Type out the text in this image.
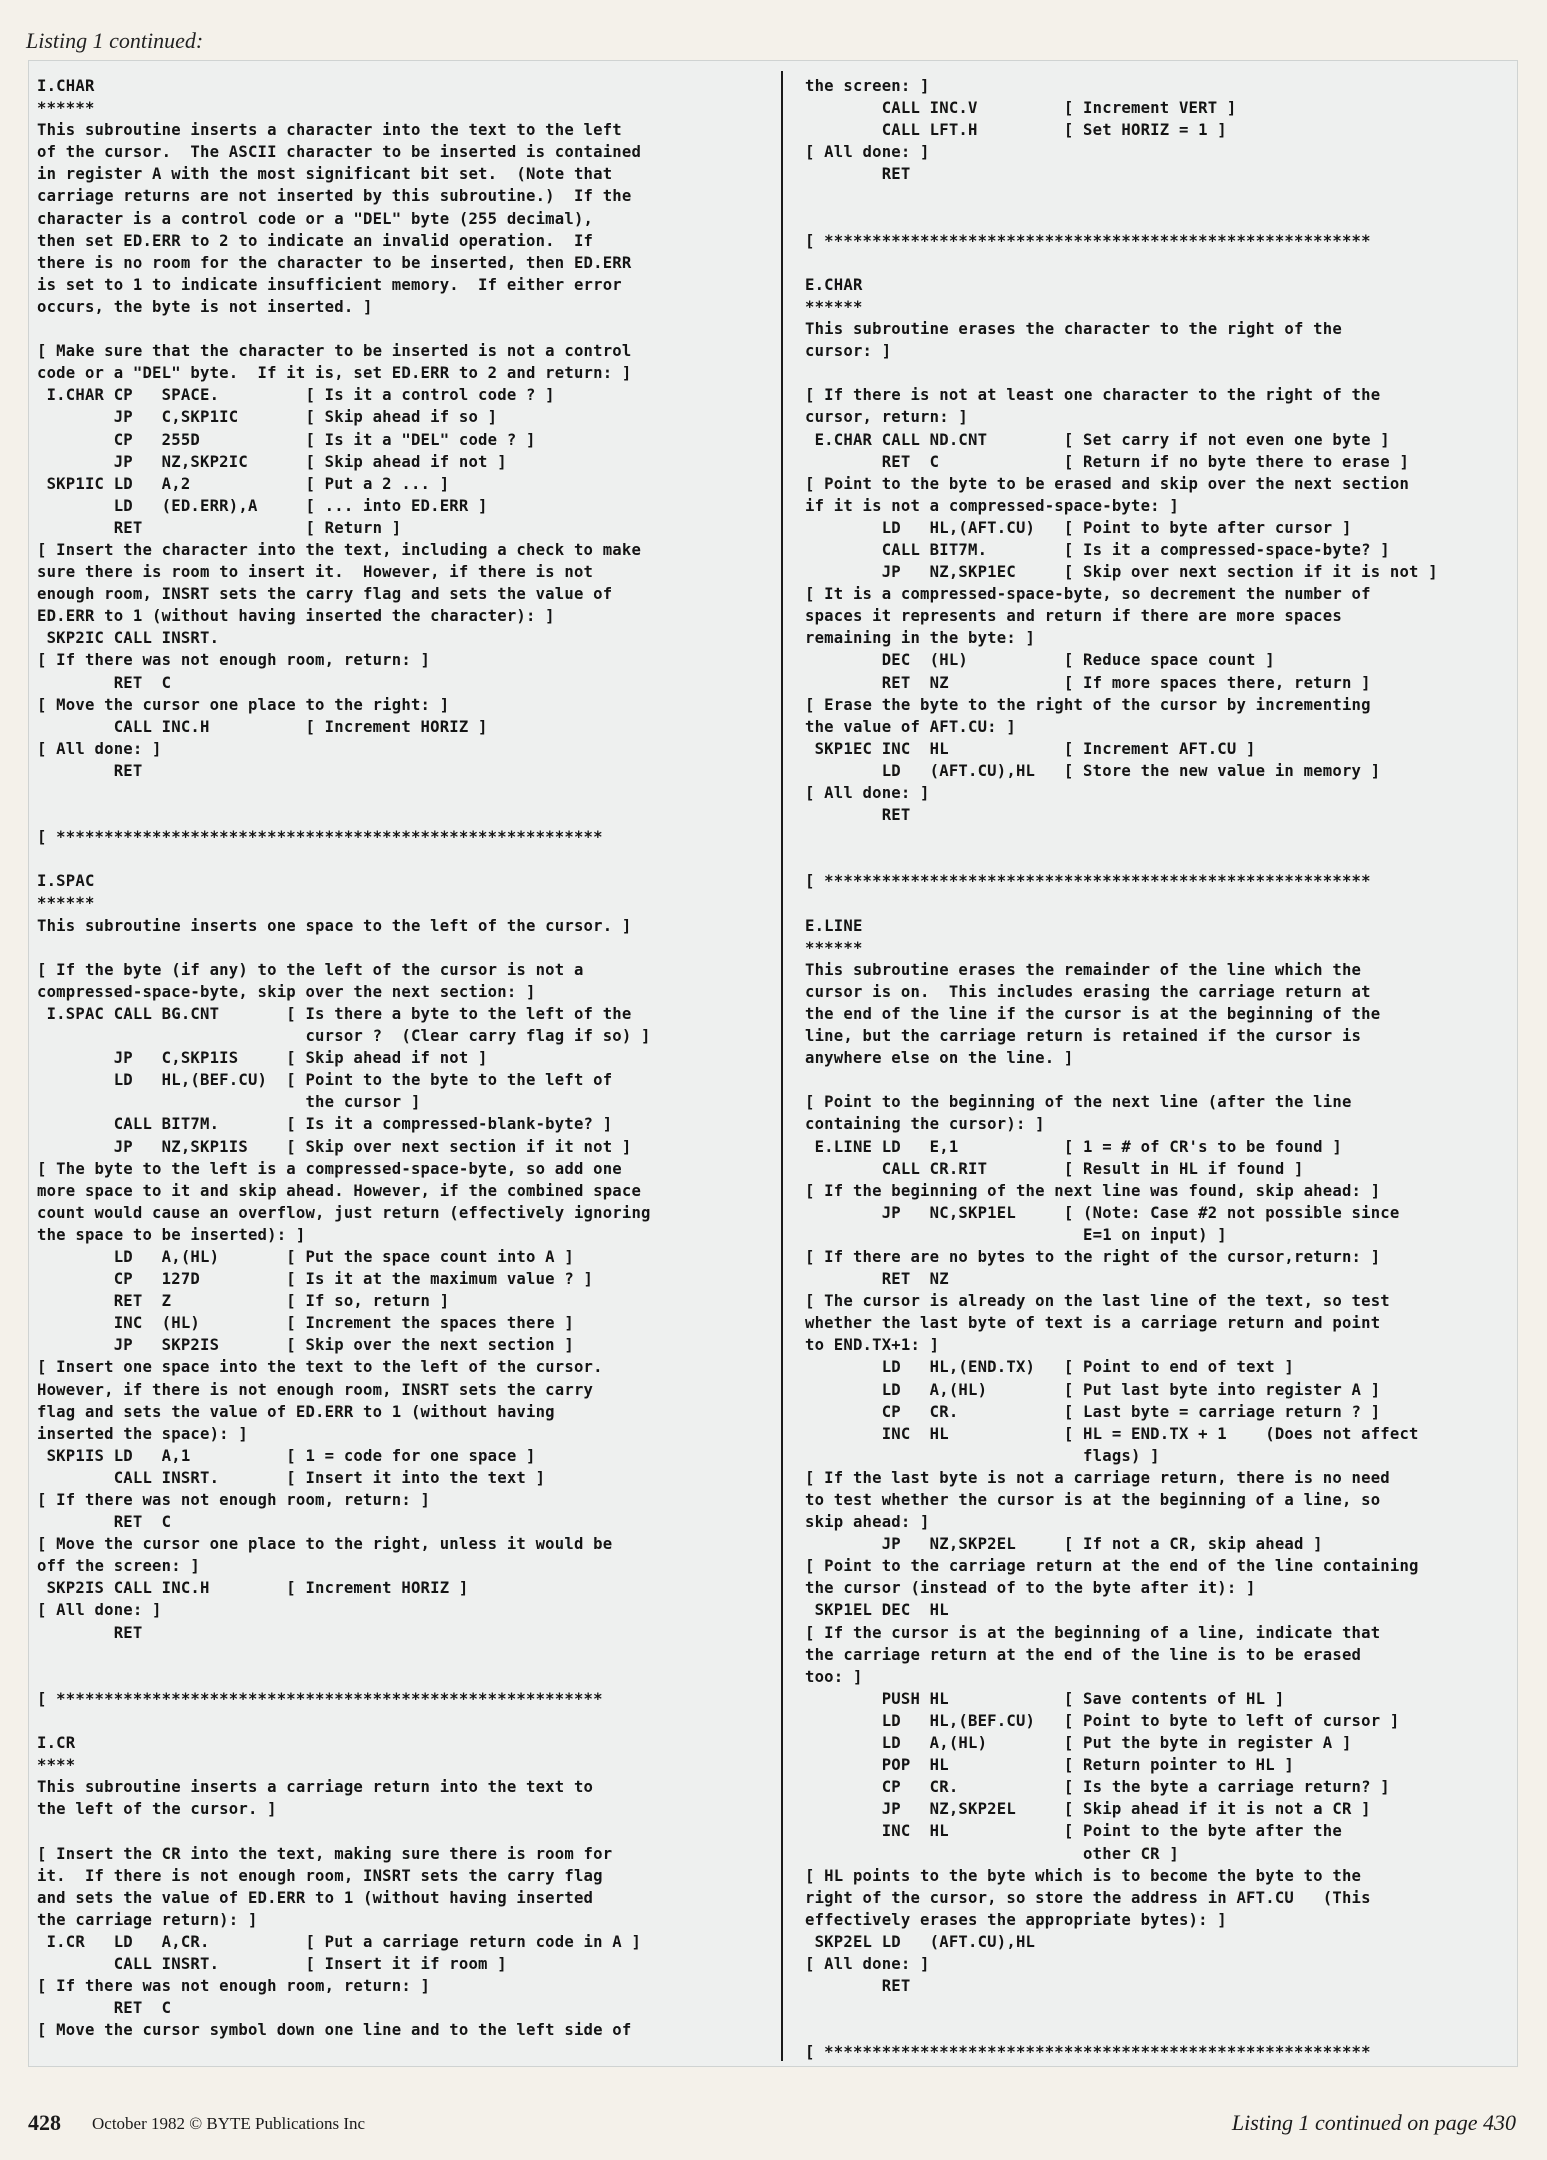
Listing 1 continued:
I.CHAR
******
This subroutine inserts a character into the text to the left
of the cursor.  The ASCII character to be inserted is contained
in register A with the most significant bit set.  (Note that
carriage returns are not inserted by this subroutine.)  If the
character is a control code or a "DEL" byte (255 decimal),
then set ED.ERR to 2 to indicate an invalid operation.  If
there is no room for the character to be inserted, then ED.ERR
is set to 1 to indicate insufficient memory.  If either error
occurs, the byte is not inserted. ]
[ Make sure that the character to be inserted is not a control
code or a "DEL" byte.  If it is, set ED.ERR to 2 and return: ]
I.CHAR CP   SPACE.         [ Is it a control code ? ]
JP   C,SKP1IC       [ Skip ahead if so ]
CP   255D           [ Is it a "DEL" code ? ]
JP   NZ,SKP2IC      [ Skip ahead if not ]
SKP1IC LD   A,2            [ Put a 2 ... ]
LD   (ED.ERR),A     [ ... into ED.ERR ]
RET                 [ Return ]
[ Insert the character into the text, including a check to make
sure there is room to insert it.  However, if there is not
enough room, INSRT sets the carry flag and sets the value of
ED.ERR to 1 (without having inserted the character): ]
SKP2IC CALL INSRT.
[ If there was not enough room, return: ]
RET  C
[ Move the cursor one place to the right: ]
CALL INC.H          [ Increment HORIZ ]
[ All done: ]
RET
[ *********************************************************
I.SPAC
******
This subroutine inserts one space to the left of the cursor. ]
[ If the byte (if any) to the left of the cursor is not a
compressed-space-byte, skip over the next section: ]
I.SPAC CALL BG.CNT       [ Is there a byte to the left of the
cursor ?  (Clear carry flag if so) ]
JP   C,SKP1IS     [ Skip ahead if not ]
LD   HL,(BEF.CU)  [ Point to the byte to the left of
the cursor ]
CALL BIT7M.       [ Is it a compressed-blank-byte? ]
JP   NZ,SKP1IS    [ Skip over next section if it not ]
[ The byte to the left is a compressed-space-byte, so add one
more space to it and skip ahead. However, if the combined space
count would cause an overflow, just return (effectively ignoring
the space to be inserted): ]
LD   A,(HL)       [ Put the space count into A ]
CP   127D         [ Is it at the maximum value ? ]
RET  Z            [ If so, return ]
INC  (HL)         [ Increment the spaces there ]
JP   SKP2IS       [ Skip over the next section ]
[ Insert one space into the text to the left of the cursor.
However, if there is not enough room, INSRT sets the carry
flag and sets the value of ED.ERR to 1 (without having
inserted the space): ]
SKP1IS LD   A,1          [ 1 = code for one space ]
CALL INSRT.       [ Insert it into the text ]
[ If there was not enough room, return: ]
RET  C
[ Move the cursor one place to the right, unless it would be
off the screen: ]
SKP2IS CALL INC.H        [ Increment HORIZ ]
[ All done: ]
RET
[ *********************************************************
I.CR
****
This subroutine inserts a carriage return into the text to
the left of the cursor. ]
[ Insert the CR into the text, making sure there is room for
it.  If there is not enough room, INSRT sets the carry flag
and sets the value of ED.ERR to 1 (without having inserted
the carriage return): ]
I.CR   LD   A,CR.          [ Put a carriage return code in A ]
CALL INSRT.         [ Insert it if room ]
[ If there was not enough room, return: ]
RET  C
[ Move the cursor symbol down one line and to the left side of
the screen: ]
CALL INC.V         [ Increment VERT ]
CALL LFT.H         [ Set HORIZ = 1 ]
[ All done: ]
RET
[ *********************************************************
E.CHAR
******
This subroutine erases the character to the right of the
cursor: ]
[ If there is not at least one character to the right of the
cursor, return: ]
E.CHAR CALL ND.CNT        [ Set carry if not even one byte ]
RET  C             [ Return if no byte there to erase ]
[ Point to the byte to be erased and skip over the next section
if it is not a compressed-space-byte: ]
LD   HL,(AFT.CU)   [ Point to byte after cursor ]
CALL BIT7M.        [ Is it a compressed-space-byte? ]
JP   NZ,SKP1EC     [ Skip over next section if it is not ]
[ It is a compressed-space-byte, so decrement the number of
spaces it represents and return if there are more spaces
remaining in the byte: ]
DEC  (HL)          [ Reduce space count ]
RET  NZ            [ If more spaces there, return ]
[ Erase the byte to the right of the cursor by incrementing
the value of AFT.CU: ]
SKP1EC INC  HL            [ Increment AFT.CU ]
LD   (AFT.CU),HL   [ Store the new value in memory ]
[ All done: ]
RET
[ *********************************************************
E.LINE
******
This subroutine erases the remainder of the line which the
cursor is on.  This includes erasing the carriage return at
the end of the line if the cursor is at the beginning of the
line, but the carriage return is retained if the cursor is
anywhere else on the line. ]
[ Point to the beginning of the next line (after the line
containing the cursor): ]
E.LINE LD   E,1           [ 1 = # of CR's to be found ]
CALL CR.RIT        [ Result in HL if found ]
[ If the beginning of the next line was found, skip ahead: ]
JP   NC,SKP1EL     [ (Note: Case #2 not possible since
E=1 on input) ]
[ If there are no bytes to the right of the cursor,return: ]
RET  NZ
[ The cursor is already on the last line of the text, so test
whether the last byte of text is a carriage return and point
to END.TX+1: ]
LD   HL,(END.TX)   [ Point to end of text ]
LD   A,(HL)        [ Put last byte into register A ]
CP   CR.           [ Last byte = carriage return ? ]
INC  HL            [ HL = END.TX + 1    (Does not affect
flags) ]
[ If the last byte is not a carriage return, there is no need
to test whether the cursor is at the beginning of a line, so
skip ahead: ]
JP   NZ,SKP2EL     [ If not a CR, skip ahead ]
[ Point to the carriage return at the end of the line containing
the cursor (instead of to the byte after it): ]
SKP1EL DEC  HL
[ If the cursor is at the beginning of a line, indicate that
the carriage return at the end of the line is to be erased
too: ]
PUSH HL            [ Save contents of HL ]
LD   HL,(BEF.CU)   [ Point to byte to left of cursor ]
LD   A,(HL)        [ Put the byte in register A ]
POP  HL            [ Return pointer to HL ]
CP   CR.           [ Is the byte a carriage return? ]
JP   NZ,SKP2EL     [ Skip ahead if it is not a CR ]
INC  HL            [ Point to the byte after the
other CR ]
[ HL points to the byte which is to become the byte to the
right of the cursor, so store the address in AFT.CU   (This
effectively erases the appropriate bytes): ]
SKP2EL LD   (AFT.CU),HL
[ All done: ]
RET
[ *********************************************************
428 October 1982 © BYTE Publications Inc	Listing 1 continued on page 430
